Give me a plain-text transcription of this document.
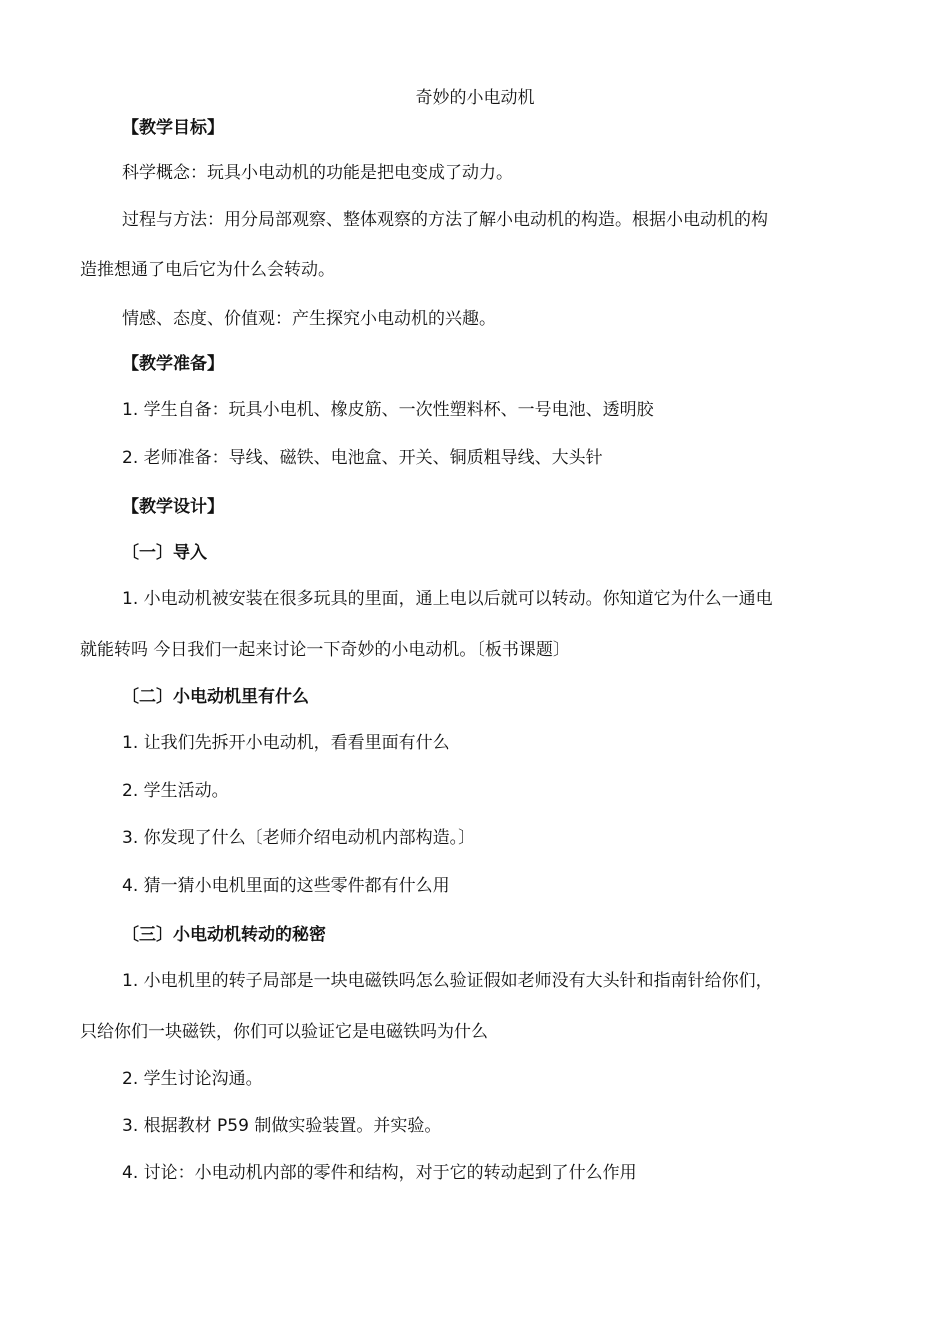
奇妙的小电动机
【教学目标】
科学概念：玩具小电动机的功能是把电变成了动力。
过程与方法：用分局部观察、整体观察的方法了解小电动机的构造。根据小电动机的构
造推想通了电后它为什么会转动。
情感、态度、价值观：产生探究小电动机的兴趣。
【教学准备】
1. 学生自备：玩具小电机、橡皮筋、一次性塑料杯、一号电池、透明胶
2. 老师准备：导线、磁铁、电池盒、开关、铜质粗导线、大头针
【教学设计】
〔一〕导入
1. 小电动机被安装在很多玩具的里面，通上电以后就可以转动。你知道它为什么一通电
就能转吗 今日我们一起来讨论一下奇妙的小电动机。〔板书课题〕
〔二〕小电动机里有什么
1. 让我们先拆开小电动机，看看里面有什么
2. 学生活动。
3. 你发现了什么〔老师介绍电动机内部构造。〕
4. 猜一猜小电机里面的这些零件都有什么用
〔三〕小电动机转动的秘密
1. 小电机里的转子局部是一块电磁铁吗怎么验证假如老师没有大头针和指南针给你们，
只给你们一块磁铁，你们可以验证它是电磁铁吗为什么
2. 学生讨论沟通。
3. 根据教材 P59 制做实验装置。并实验。
4. 讨论：小电动机内部的零件和结构，对于它的转动起到了什么作用
